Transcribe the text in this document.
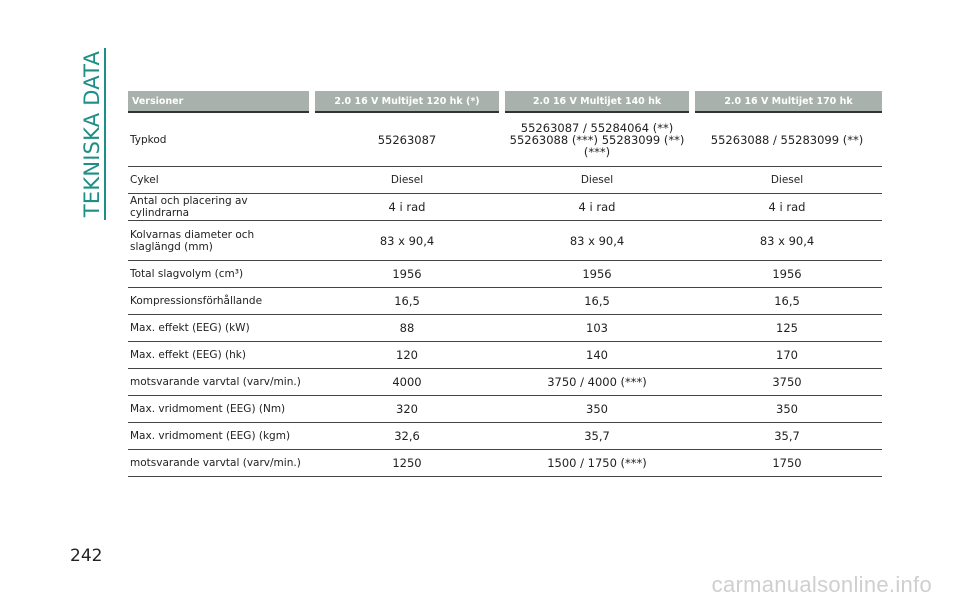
TEKNISKA DATA	Versioner	2.0 16 V Multijet 120 hk (*)	2.0 16 V Multijet 140 hk	2.0 16 V Multijet 170 hk
Typkod	55263087	55263087 / 55284064 (**) 55263088 (***) 55283099 (**) (***)	55263088 / 55283099 (**)
Cykel	Diesel	Diesel	Diesel
Antal och placering av cylindrarna	4 i rad	4 i rad	4 i rad
Kolvarnas diameter och slaglängd (mm)	83 x 90,4	83 x 90,4	83 x 90,4
Total slagvolym (cm³)	1956	1956	1956
Kompressionsförhållande	16,5	16,5	16,5
Max. effekt (EEG) (kW)	88	103	125
Max. effekt (EEG) (hk)	120	140	170
motsvarande varvtal (varv/min.)	4000	3750 / 4000 (***)	3750
Max. vridmoment (EEG) (Nm)	320	350	350
Max. vridmoment (EEG) (kgm)	32,6	35,7	35,7
motsvarande varvtal (varv/min.)	1250	1500 / 1750 (***)	1750
242
carmanualsonline.info
